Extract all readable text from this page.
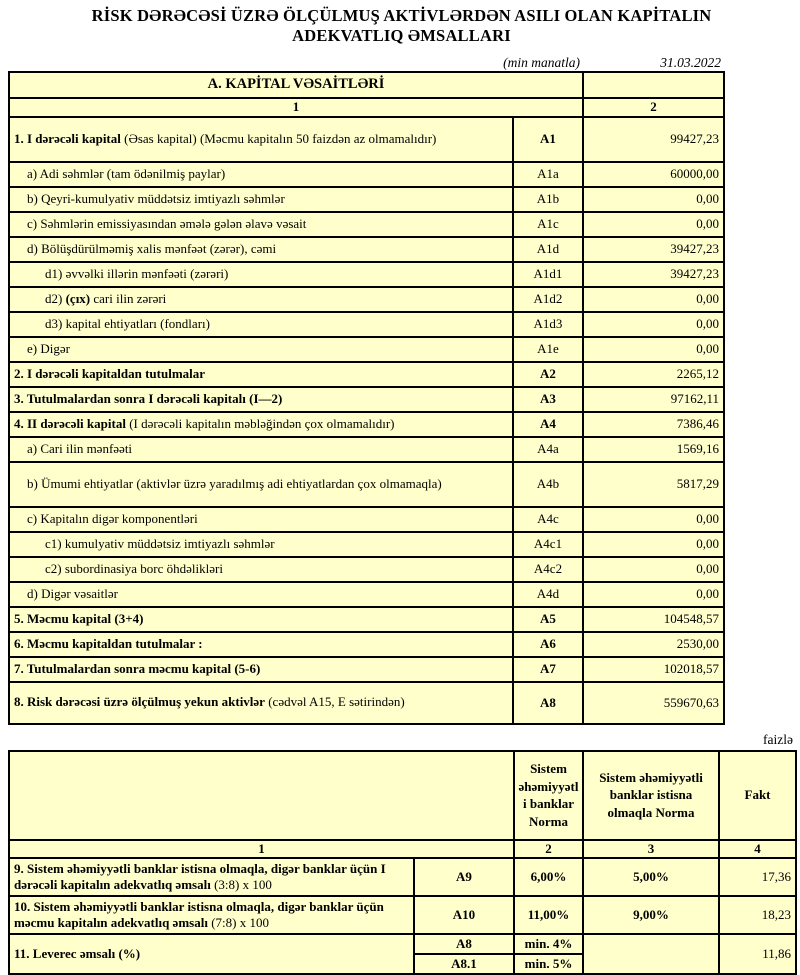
RİSK DƏRƏCƏSİ ÜZRƏ ÖLÇÜLMUŞ AKTİVLƏRDƏN ASILI OLAN KAPİTALIN
ADEKVATLIQ ƏMSALLARI
(min manatla)	31.03.2022
A. KAPİTAL VƏSAİTLƏRİ		
1		2
1. I dərəcəli kapital (Əsas kapital) (Məcmu kapitalın 50 faizdən az olmamalıdır)	A1	99427,23
a) Adi səhmlər (tam ödənilmiş paylar)	A1a	60000,00
b) Qeyri-kumulyativ müddətsiz imtiyazlı səhmlər	A1b	0,00
c) Səhmlərin emissiyasından əmələ gələn əlavə vəsait	A1c	0,00
d) Bölüşdürülməmiş xalis mənfəət (zərər), cəmi	A1d	39427,23
d1) əvvəlki illərin mənfəəti (zərəri)	A1d1	39427,23
d2) (çıx) cari ilin zərəri	A1d2	0,00
d3) kapital ehtiyatları (fondları)	A1d3	0,00
e) Digər	A1e	0,00
2. I dərəcəli kapitaldan tutulmalar	A2	2265,12
3. Tutulmalardan sonra I dərəcəli kapitalı (I—2)	A3	97162,11
4. II dərəcəli kapital (I dərəcəli kapitalın məbləğindən çox olmamalıdır)	A4	7386,46
a) Cari ilin mənfəəti	A4a	1569,16
b) Ümumi ehtiyatlar (aktivlər üzrə yaradılmış adi ehtiyatlardan çox olmamaqla)	A4b	5817,29
c) Kapitalın digər komponentləri	A4c	0,00
c1) kumulyativ müddətsiz imtiyazlı səhmlər	A4c1	0,00
c2) subordinasiya borc öhdəlikləri	A4c2	0,00
d) Digər vəsaitlər	A4d	0,00
5. Məcmu kapital (3+4)	A5	104548,57
6. Məcmu kapitaldan tutulmalar :	A6	2530,00
7. Tutulmalardan sonra məcmu kapital (5-6)	A7	102018,57
8. Risk dərəcəsi üzrə ölçülmuş yekun aktivlər (cədvəl A15, E sətirindən)	A8	559670,63
faizlə
		Sistem əhəmiyyətli banklar Norma	Sistem əhəmiyyətli banklar istisna olmaqla Norma	Fakt
1		2	3	4
9. Sistem əhəmiyyətli banklar istisna olmaqla, digər banklar üçün I dərəcəli kapitalın adekvatlıq əmsalı (3:8) x 100	A9	6,00%	5,00%	17,36
10. Sistem əhəmiyyətli banklar istisna olmaqla, digər banklar üçün məcmu kapitalın adekvatlıq əmsalı (7:8) x 100	A10	11,00%	9,00%	18,23
11. Leverec əmsalı (%)	A8	min. 4%		11,86
	A8.1	min. 5%		
